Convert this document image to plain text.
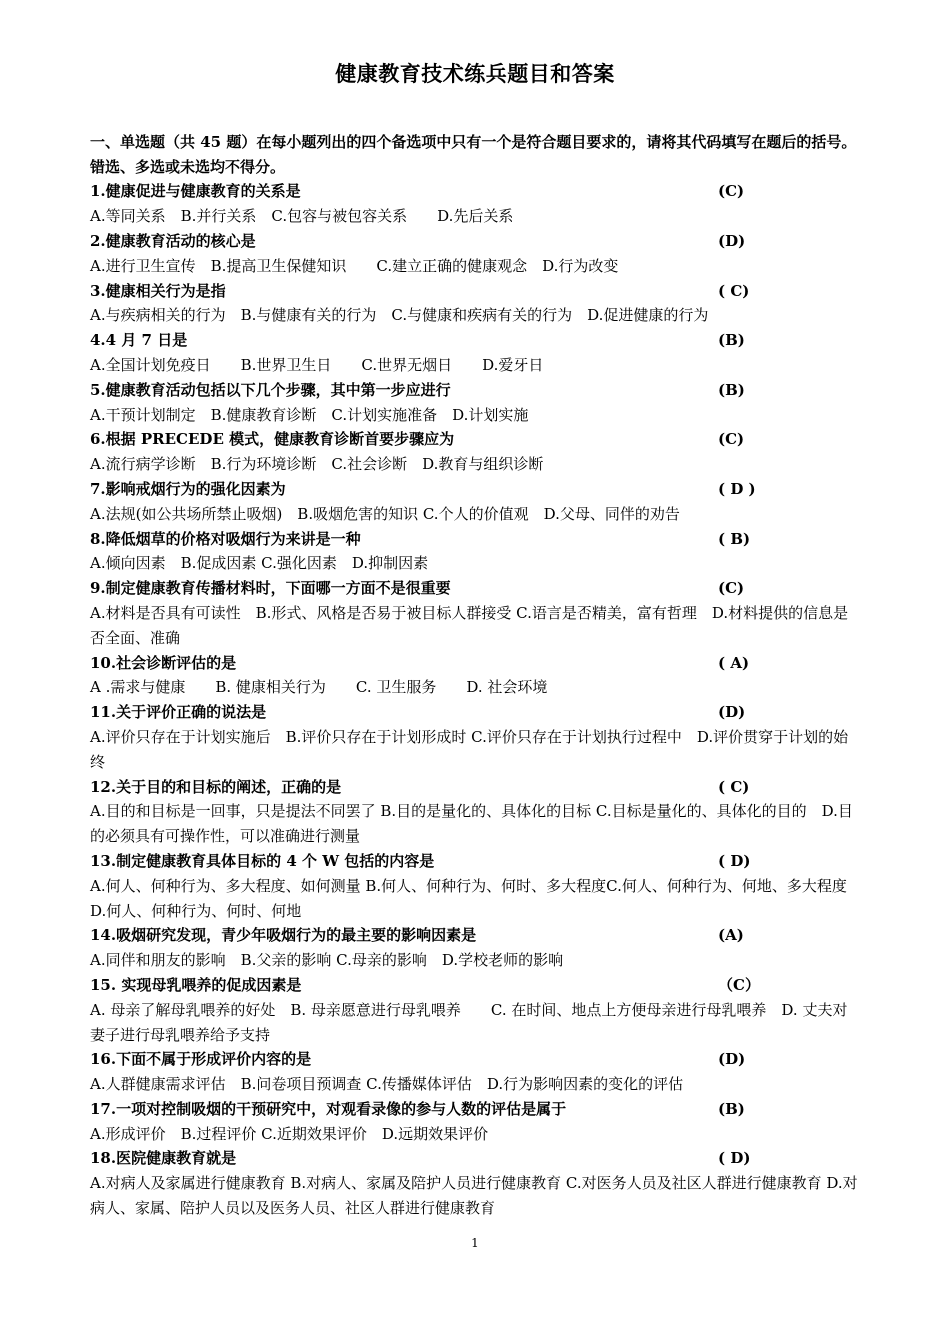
健康教育技术练兵题目和答案

一、单选题（共 45 题）在每小题列出的四个备选项中只有一个是符合题目要求的，请将其代码填写在题后的括号。错选、多选或未选均不得分。

1.健康促进与健康教育的关系是	(C)

A.等同关系　B.并行关系　C.包容与被包容关系　　D.先后关系

2.健康教育活动的核心是	(D)

A.进行卫生宣传　B.提高卫生保健知识　　C.建立正确的健康观念　D.行为改变

3.健康相关行为是指	( C)

A.与疾病相关的行为　B.与健康有关的行为　C.与健康和疾病有关的行为　D.促进健康的行为

4.4 月 7 日是	(B)

A.全国计划免疫日　　B.世界卫生日　　C.世界无烟日　　D.爱牙日

5.健康教育活动包括以下几个步骤，其中第一步应进行	(B)

A.干预计划制定　B.健康教育诊断　C.计划实施准备　D.计划实施

6.根据 PRECEDE 模式，健康教育诊断首要步骤应为	(C)

A.流行病学诊断　B.行为环境诊断　C.社会诊断　D.教育与组织诊断

7.影响戒烟行为的强化因素为	( D )

A.法规(如公共场所禁止吸烟)　B.吸烟危害的知识 C.个人的价值观　D.父母、同伴的劝告

8.降低烟草的价格对吸烟行为来讲是一种	( B)

A.倾向因素　B.促成因素 C.强化因素　D.抑制因素

9.制定健康教育传播材料时，下面哪一方面不是很重要	(C)

A.材料是否具有可读性　B.形式、风格是否易于被目标人群接受 C.语言是否精美，富有哲理　D.材料提供的信息是否全面、准确

10.社会诊断评估的是	( A)

A .需求与健康　　B. 健康相关行为　　C. 卫生服务　　D. 社会环境

11.关于评价正确的说法是	(D)

A.评价只存在于计划实施后　B.评价只存在于计划形成时 C.评价只存在于计划执行过程中　D.评价贯穿于计划的始终

12.关于目的和目标的阐述，正确的是	( C)

A.目的和目标是一回事，只是提法不同罢了 B.目的是量化的、具体化的目标 C.目标是量化的、具体化的目的　D.目的必须具有可操作性，可以准确进行测量

13.制定健康教育具体目标的 4 个 W 包括的内容是	( D)

A.何人、何种行为、多大程度、如何测量 B.何人、何种行为、何时、多大程度C.何人、何种行为、何地、多大程度　D.何人、何种行为、何时、何地

14.吸烟研究发现，青少年吸烟行为的最主要的影响因素是	(A)

A.同伴和朋友的影响　B.父亲的影响 C.母亲的影响　D.学校老师的影响

15. 实现母乳喂养的促成因素是	（C）

A. 母亲了解母乳喂养的好处　B. 母亲愿意进行母乳喂养　　C. 在时间、地点上方便母亲进行母乳喂养　D. 丈夫对妻子进行母乳喂养给予支持

16.下面不属于形成评价内容的是	(D)

A.人群健康需求评估　B.问卷项目预调查 C.传播媒体评估　D.行为影响因素的变化的评估

17.一项对控制吸烟的干预研究中，对观看录像的参与人数的评估是属于	(B)

A.形成评价　B.过程评价 C.近期效果评价　D.远期效果评价

18.医院健康教育就是	( D)

A.对病人及家属进行健康教育 B.对病人、家属及陪护人员进行健康教育 C.对医务人员及社区人群进行健康教育 D.对病人、家属、陪护人员以及医务人员、社区人群进行健康教育

1
